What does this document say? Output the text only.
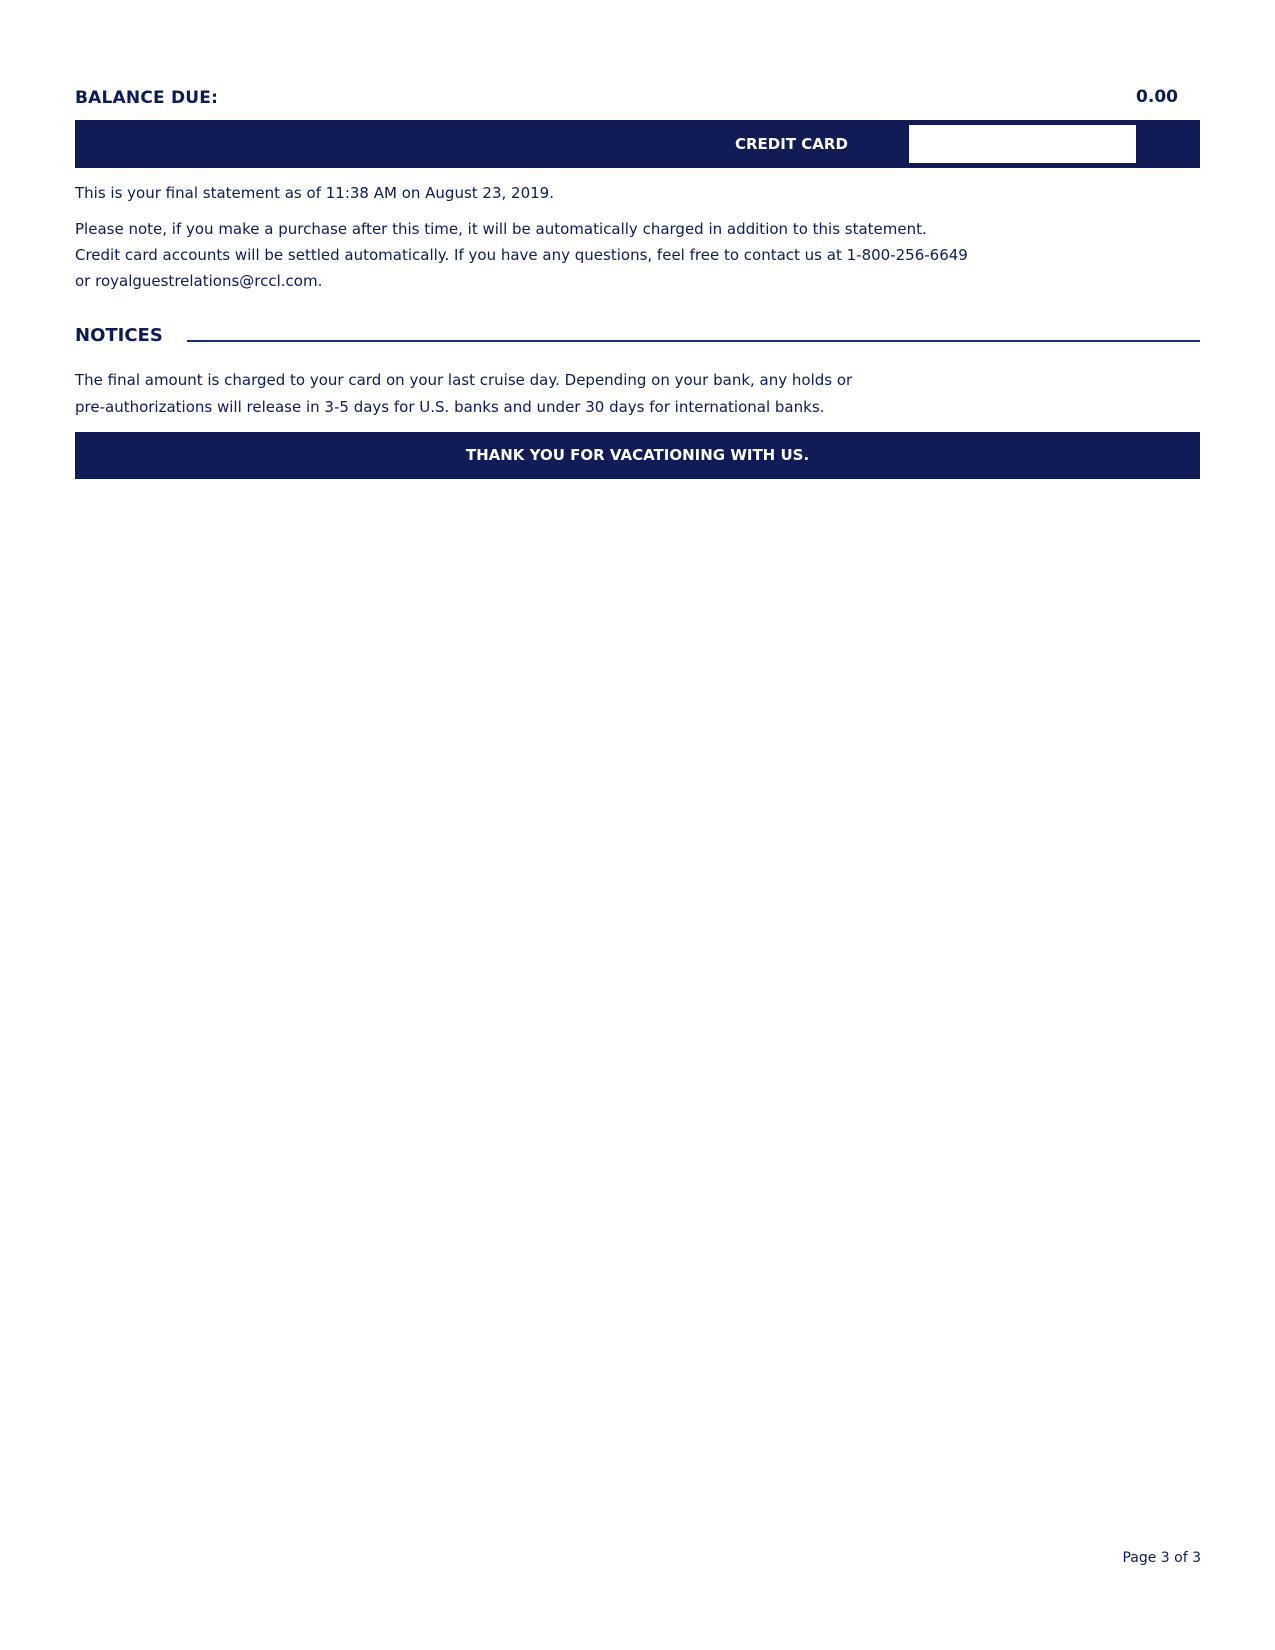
BALANCE DUE:	0.00
CREDIT CARD
This is your final statement as of 11:38 AM on August 23, 2019.
Please note, if you make a purchase after this time, it will be automatically charged in addition to this statement.
Credit card accounts will be settled automatically. If you have any questions, feel free to contact us at 1-800-256-6649
or royalguestrelations@rccl.com.
NOTICES
The final amount is charged to your card on your last cruise day. Depending on your bank, any holds or
pre-authorizations will release in 3-5 days for U.S. banks and under 30 days for international banks.
THANK YOU FOR VACATIONING WITH US.
Page 3 of 3
